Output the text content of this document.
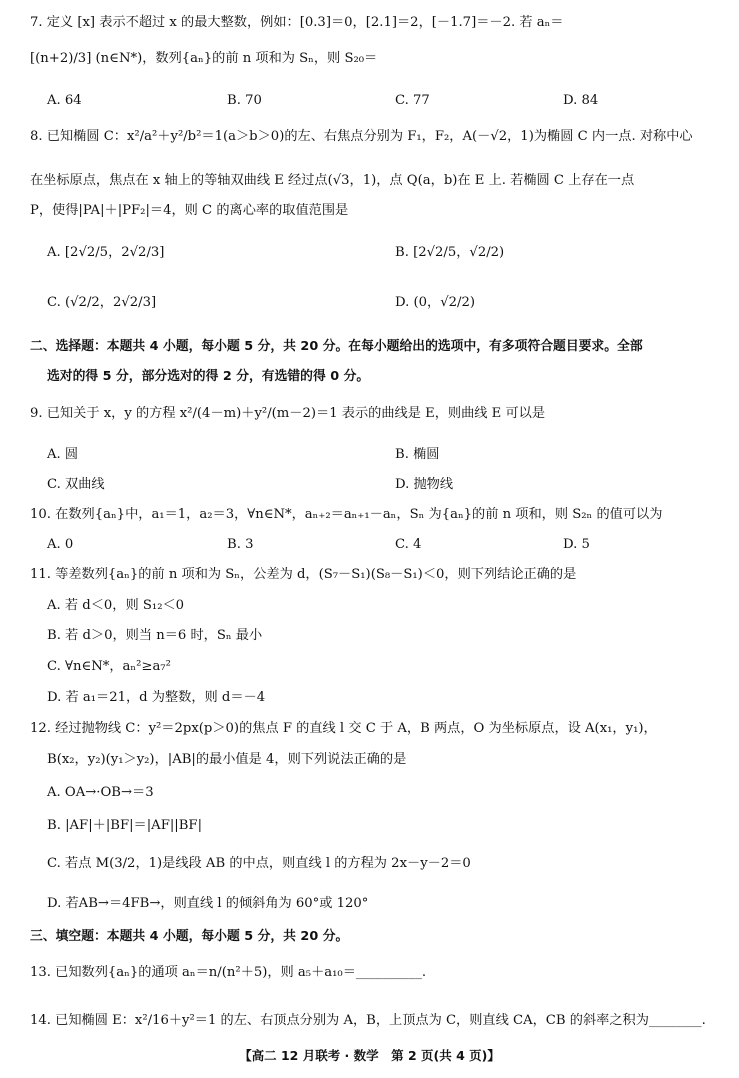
7. 定义 [x] 表示不超过 x 的最大整数，例如：[0.3]＝0，[2.1]＝2，[－1.7]＝－2. 若 aₙ＝
[(n+2)/3] (n∈N*)，数列{aₙ}的前 n 项和为 Sₙ，则 S₂₀＝
A. 64	B. 70	C. 77	D. 84
8. 已知椭圆 C：x²/a²＋y²/b²＝1(a＞b＞0)的左、右焦点分别为 F₁，F₂，A(－√2，1)为椭圆 C 内一点. 对称中心
在坐标原点，焦点在 x 轴上的等轴双曲线 E 经过点(√3，1)，点 Q(a，b)在 E 上. 若椭圆 C 上存在一点
P，使得|PA|＋|PF₂|＝4，则 C 的离心率的取值范围是
A. [2√2/5，2√2/3]	B. [2√2/5，√2/2)
C. (√2/2，2√2/3]	D. (0，√2/2)
二、选择题：本题共 4 小题，每小题 5 分，共 20 分。在每小题给出的选项中，有多项符合题目要求。全部
选对的得 5 分，部分选对的得 2 分，有选错的得 0 分。
9. 已知关于 x，y 的方程 x²/(4－m)＋y²/(m－2)＝1 表示的曲线是 E，则曲线 E 可以是
A. 圆	B. 椭圆
C. 双曲线	D. 抛物线
10. 在数列{aₙ}中，a₁＝1，a₂＝3，∀n∈N*，aₙ₊₂＝aₙ₊₁－aₙ，Sₙ 为{aₙ}的前 n 项和，则 S₂ₙ 的值可以为
A. 0	B. 3	C. 4	D. 5
11. 等差数列{aₙ}的前 n 项和为 Sₙ，公差为 d，(S₇－S₁)(S₈－S₁)＜0，则下列结论正确的是
A. 若 d＜0，则 S₁₂＜0
B. 若 d＞0，则当 n＝6 时，Sₙ 最小
C. ∀n∈N*，aₙ²≥a₇²
D. 若 a₁＝21，d 为整数，则 d＝－4
12. 经过抛物线 C：y²＝2px(p＞0)的焦点 F 的直线 l 交 C 于 A，B 两点，O 为坐标原点，设 A(x₁，y₁)，
B(x₂，y₂)(y₁＞y₂)，|AB|的最小值是 4，则下列说法正确的是
A. OA→·OB→＝3
B. |AF|＋|BF|＝|AF||BF|
C. 若点 M(3/2，1)是线段 AB 的中点，则直线 l 的方程为 2x－y－2＝0
D. 若AB→＝4FB→，则直线 l 的倾斜角为 60°或 120°
三、填空题：本题共 4 小题，每小题 5 分，共 20 分。
13. 已知数列{aₙ}的通项 aₙ＝n/(n²＋5)，则 a₅＋a₁₀＝__________.
14. 已知椭圆 E：x²/16＋y²＝1 的左、右顶点分别为 A，B，上顶点为 C，则直线 CA，CB 的斜率之积为________.
【高二 12 月联考 · 数学　第 2 页(共 4 页)】
